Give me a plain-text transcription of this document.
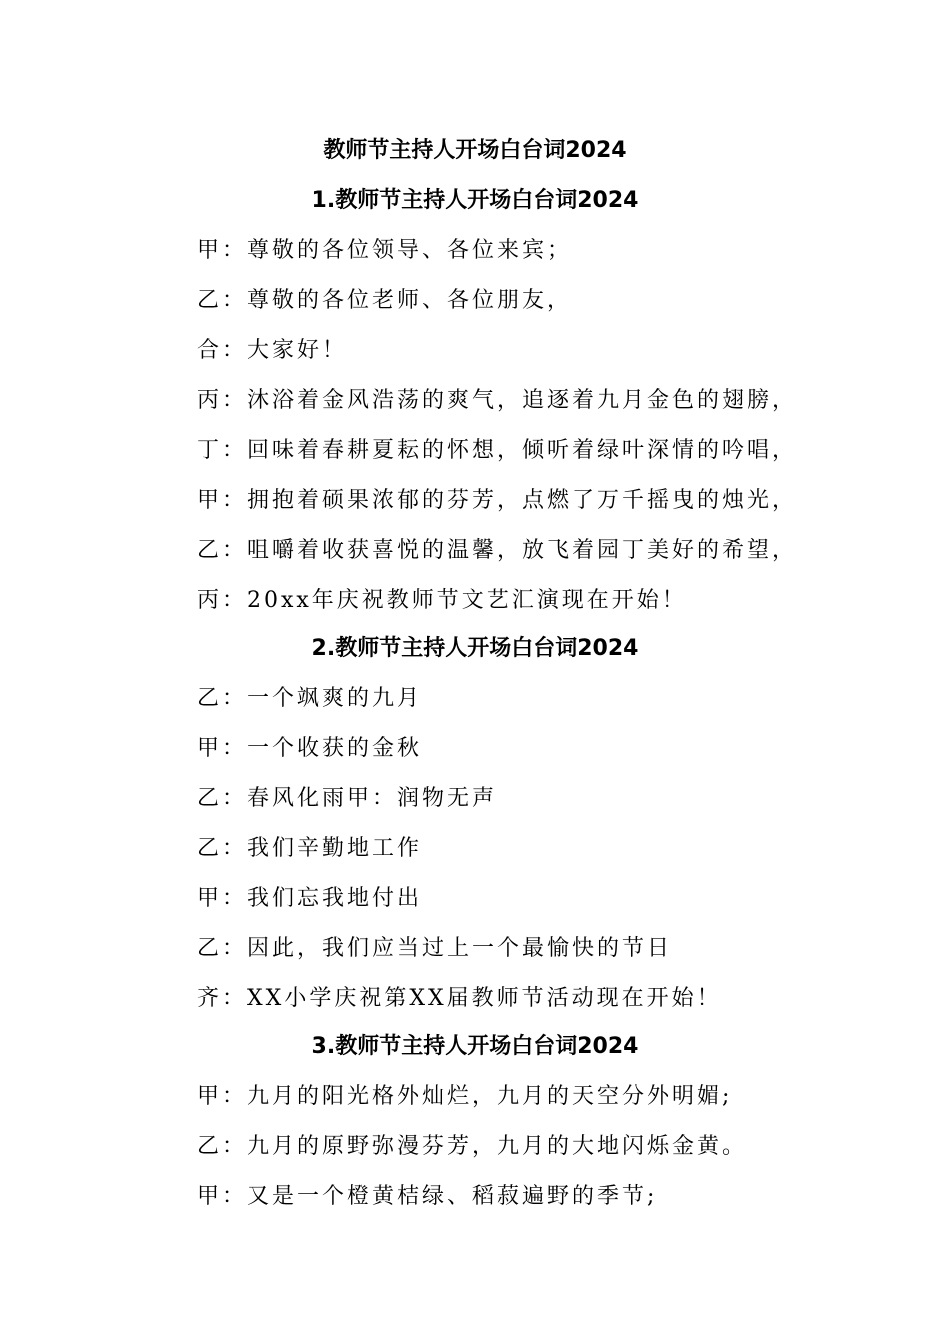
教师节主持人开场白台词2024
1.教师节主持人开场白台词2024
甲：尊敬的各位领导、各位来宾；
乙：尊敬的各位老师、各位朋友，
合：大家好！
丙：沐浴着金风浩荡的爽气，追逐着九月金色的翅膀，
丁：回味着春耕夏耘的怀想，倾听着绿叶深情的吟唱，
甲：拥抱着硕果浓郁的芬芳，点燃了万千摇曳的烛光，
乙：咀嚼着收获喜悦的温馨，放飞着园丁美好的希望，
丙：20xx年庆祝教师节文艺汇演现在开始！
2.教师节主持人开场白台词2024
乙：一个飒爽的九月
甲：一个收获的金秋
乙：春风化雨甲：润物无声
乙：我们辛勤地工作
甲：我们忘我地付出
乙：因此，我们应当过上一个最愉快的节日
齐：XX小学庆祝第XX届教师节活动现在开始！
3.教师节主持人开场白台词2024
甲：九月的阳光格外灿烂，九月的天空分外明媚;
乙：九月的原野弥漫芬芳，九月的大地闪烁金黄。
甲：又是一个橙黄桔绿、稻菽遍野的季节;
